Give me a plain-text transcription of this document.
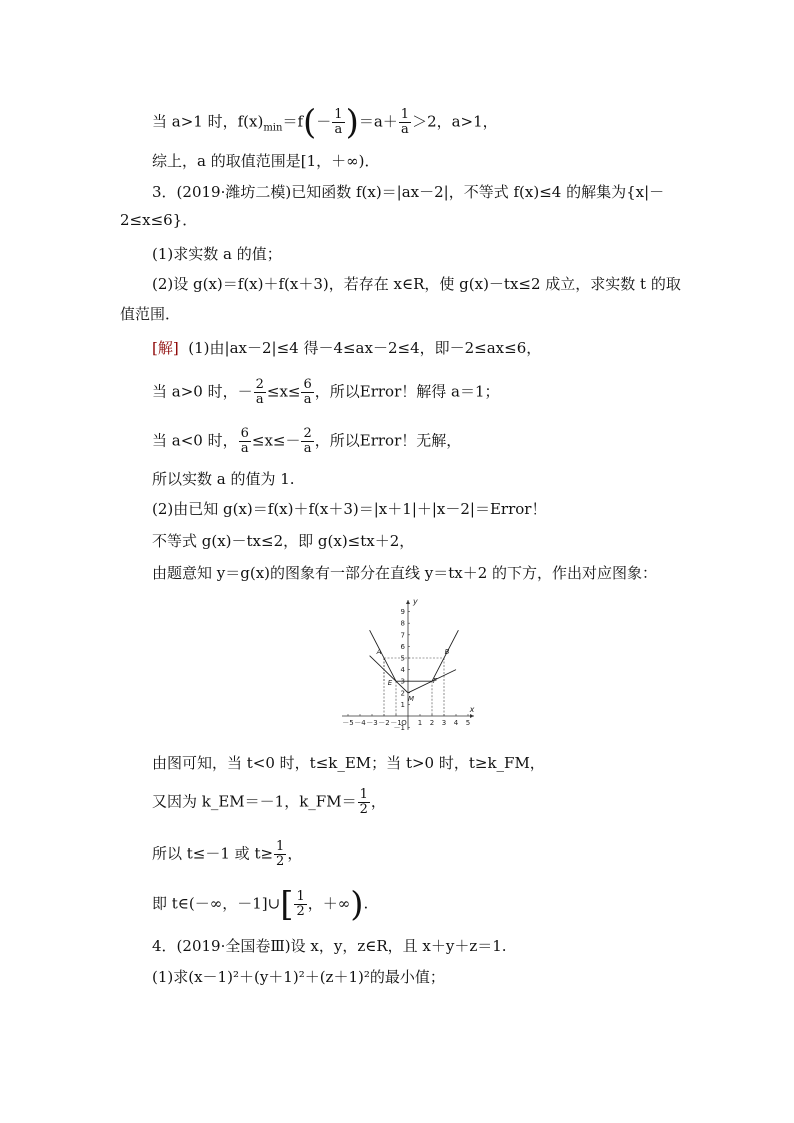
当 a>1 时，$f(x)_{min}=f(- \frac{1}{a} )=a+ \frac{1}{a} >2$，a>1，
综上，a 的取值范围是[1，＋∞)．
3．(2019·潍坊二模)已知函数 f(x)＝|ax－2|，不等式 f(x)≤4 的解集为{x|－
2≤x≤6}．
(1)求实数 a 的值；
(2)设 g(x)＝f(x)＋f(x＋3)，若存在 x∈R，使 g(x)－tx≤2 成立，求实数 t 的取
值范围．
[解] (1)由|ax－2|≤4 得－4≤ax－2≤4，即－2≤ax≤6，
当 a>0 时，－ $\frac{2}{a} \le x\le \frac{6}{a}$ ，所以Error！解得 a＝1；
当 a<0 时， $\frac{6}{a} \le x\le- \frac{2}{a}$ ，所以Error！无解，
所以实数 a 的值为 1.
(2)由已知 g(x)＝f(x)＋f(x＋3)＝|x＋1|＋|x－2|＝Error！
不等式 g(x)－tx≤2，即 g(x)≤tx＋2，
由题意知 y＝g(x)的图象有一部分在直线 y＝tx＋2 的下方，作出对应图象：
x
y
－5 －4 －3 －2 －1 O 1 2 3 4 5
－1
1
2
3
4
5
6
7
8
9
A	B
E	F
M
由图可知，当 t<0 时，t≤k_EM；当 t>0 时，t≥k_FM，
又因为 k_EM＝－1，k_FM＝ $\frac{1}{2}$ ，
所以 t≤－1 或 $t\ge \frac{1}{2}$ ，
即 t∈(－∞，－1]∪[ $\frac{1}{2}$ ，＋∞).
4．(2019·全国卷Ⅲ)设 x，y，z∈R，且 x＋y＋z＝1.
(1)求(x－1)²＋(y＋1)²＋(z＋1)²的最小值；
